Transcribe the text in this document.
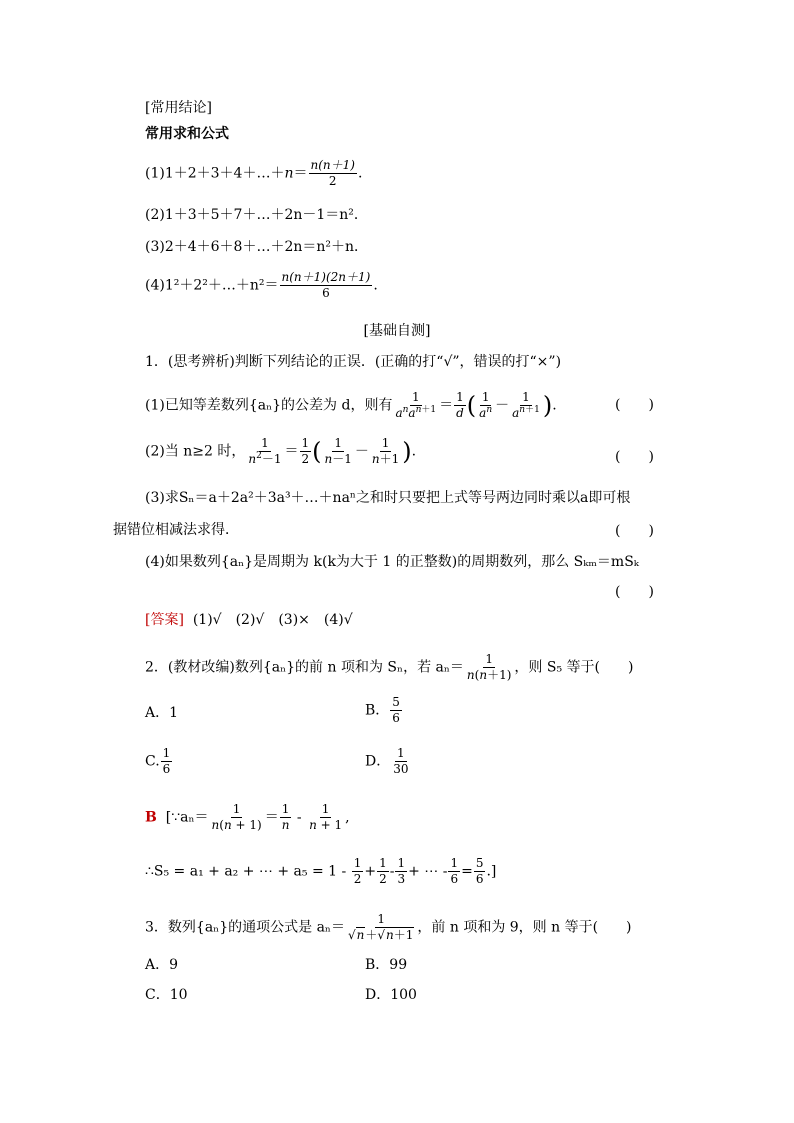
[常用结论]
常用求和公式
(1)1＋2＋3＋4＋…＋n＝ $\frac{n(n+1)}{2}$ .
(2)1＋3＋5＋7＋…＋2n－1＝n²．
(3)2＋4＋6＋8＋…＋2n＝n²＋n．
(4)1²＋2²＋…＋n²＝ $\frac{n(n+1)(2n+1)}{6}$ .
[基础自测]
1．(思考辨析)判断下列结论的正误．(正确的打“√”，错误的打“×”)
(1)已知等差数列{aₙ}的公差为 d，则有 $\frac{1}{a^na^{n+1}} = \frac{1}{d}$ ( $\frac{1}{a^n} - \frac{1}{a^{n+1}}$ ).	(　　)
(2)当 n≥2 时， $\frac{1}{n^2-1} = \frac{1}{2}$ ( $\frac{1}{n-1} - \frac{1}{n+1}$ ).	(　　)
(3)求Sₙ＝a＋2a²＋3a³＋…＋naⁿ之和时只要把上式等号两边同时乘以a即可根
据错位相减法求得．	(　　)
(4)如果数列{aₙ}是周期为 k(k为大于 1 的正整数)的周期数列，那么 Sₖₘ＝mSₖ
(　　)
[答案] (1)√　(2)√　(3)×　(4)√
2．(教材改编)数列{aₙ}的前 n 项和为 Sₙ，若 $a_n= \frac{1}{n(n+1)}$ ，则 S₅ 等于(　　)
A．1	B． $\frac{5}{6}$
C. $\frac{1}{6}$	D． $\frac{1}{30}$
B [∵aₙ＝ $\frac{1}{n(n + 1)} = \frac{1}{n} - \frac{1}{n + 1}$ ,
∴S₅ = a₁ + a₂ + ⋯ + $a_5 = 1 - \frac{1}{2} + \frac{1}{2} - \frac{1}{3}$ + ⋯ - $\frac{1}{6} = \frac{5}{6}$ .]
3．数列{aₙ}的通项公式是 $a_n= \frac{1}{√n+√n+1}$ ，前 n 项和为 9，则 n 等于(　　)
A．9	B．99
C．10	D．100
